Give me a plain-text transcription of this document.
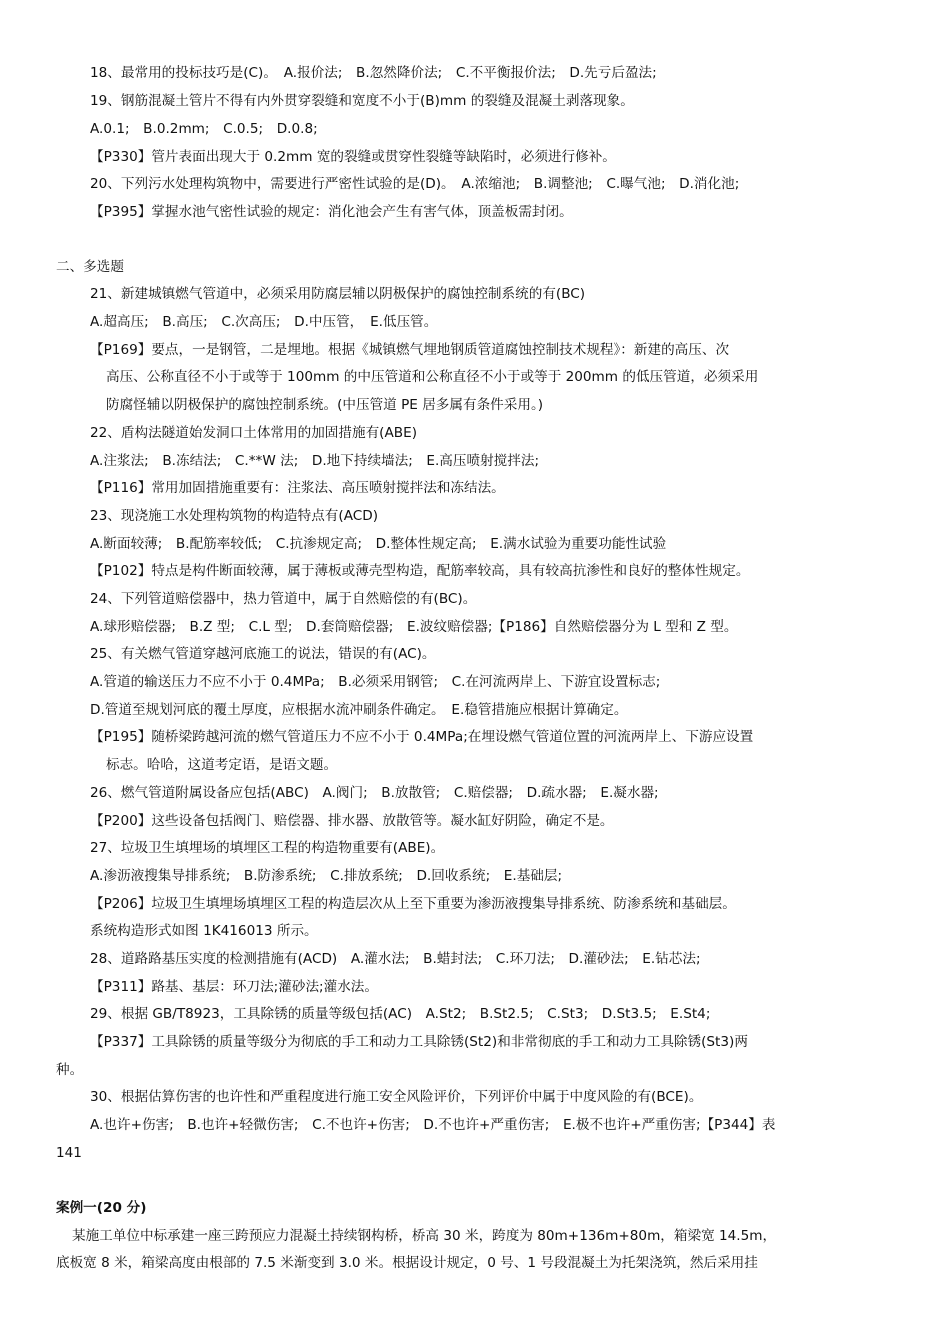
18、最常用的投标技巧是(C)。　A.报价法;　B.忽然降价法;　C.不平衡报价法;　D.先亏后盈法;
19、钢筋混凝土管片不得有内外贯穿裂缝和宽度不小于(B)mm 的裂缝及混凝土剥落现象。
A.0.1;　B.0.2mm;　C.0.5;　D.0.8;
【P330】管片表面出现大于 0.2mm 宽的裂缝或贯穿性裂缝等缺陷时，必须进行修补。
20、下列污水处理构筑物中，需要进行严密性试验的是(D)。　A.浓缩池;　B.调整池;　C.曝气池;　D.消化池;
【P395】掌握水池气密性试验的规定：消化池会产生有害气体，顶盖板需封闭。
二、多选题
21、新建城镇燃气管道中，必须采用防腐层辅以阴极保护的腐蚀控制系统的有(BC)
A.超高压;　B.高压;　C.次高压;　D.中压管，　E.低压管。
【P169】要点，一是钢管，二是埋地。根据《城镇燃气埋地钢质管道腐蚀控制技术规程》：新建的高压、次
高压、公称直径不小于或等于 100mm 的中压管道和公称直径不小于或等于 200mm 的低压管道，必须采用
防腐怪辅以阴极保护的腐蚀控制系统。(中压管道 PE 居多属有条件采用。)
22、盾构法隧道始发洞口土体常用的加固措施有(ABE)
A.注浆法;　B.冻结法;　C.**W 法;　D.地下持续墙法;　E.高压喷射搅拌法;
【P116】常用加固措施重要有：注浆法、高压喷射搅拌法和冻结法。
23、现浇施工水处理构筑物的构造特点有(ACD)
A.断面较薄;　B.配筋率较低;　C.抗渗规定高;　D.整体性规定高;　E.满水试验为重要功能性试验
【P102】特点是构件断面较薄，属于薄板或薄壳型构造，配筋率较高，具有较高抗渗性和良好的整体性规定。
24、下列管道赔偿器中，热力管道中，属于自然赔偿的有(BC)。
A.球形赔偿器;　B.Z 型;　C.L 型;　D.套筒赔偿器;　E.波纹赔偿器;【P186】自然赔偿器分为 L 型和 Z 型。
25、有关燃气管道穿越河底施工的说法，错误的有(AC)。
A.管道的输送压力不应不小于 0.4MPa;　B.必须采用钢管;　C.在河流两岸上、下游宜设置标志;
D.管道至规划河底的覆土厚度，应根据水流冲刷条件确定。　E.稳管措施应根据计算确定。
【P195】随桥梁跨越河流的燃气管道压力不应不小于 0.4MPa;在埋设燃气管道位置的河流两岸上、下游应设置
标志。哈哈，这道考定语，是语文题。
26、燃气管道附属设备应包括(ABC)　A.阀门;　B.放散管;　C.赔偿器;　D.疏水器;　E.凝水器;
【P200】这些设备包括阀门、赔偿器、排水器、放散管等。凝水缸好阴险，确定不是。
27、垃圾卫生填埋场的填埋区工程的构造物重要有(ABE)。
A.渗沥液搜集导排系统;　B.防渗系统;　C.排放系统;　D.回收系统;　E.基础层;
【P206】垃圾卫生填埋场填埋区工程的构造层次从上至下重要为渗沥液搜集导排系统、防渗系统和基础层。
系统构造形式如图 1K416013 所示。
28、道路路基压实度的检测措施有(ACD)　A.灌水法;　B.蜡封法;　C.环刀法;　D.灌砂法;　E.钻芯法;
【P311】路基、基层：环刀法;灌砂法;灌水法。
29、根据 GB/T8923，工具除锈的质量等级包括(AC)　A.St2;　B.St2.5;　C.St3;　D.St3.5;　E.St4;
【P337】工具除锈的质量等级分为彻底的手工和动力工具除锈(St2)和非常彻底的手工和动力工具除锈(St3)两
种。
30、根据估算伤害的也许性和严重程度进行施工安全风险评价，下列评价中属于中度风险的有(BCE)。
A.也许+伤害;　B.也许+轻微伤害;　C.不也许+伤害;　D.不也许+严重伤害;　E.极不也许+严重伤害;【P344】表
141
案例一(20 分)
某施工单位中标承建一座三跨预应力混凝土持续钢构桥，桥高 30 米，跨度为 80m+136m+80m，箱梁宽 14.5m，
底板宽 8 米，箱梁高度由根部的 7.5 米渐变到 3.0 米。根据设计规定，0 号、1 号段混凝土为托架浇筑，然后采用挂
